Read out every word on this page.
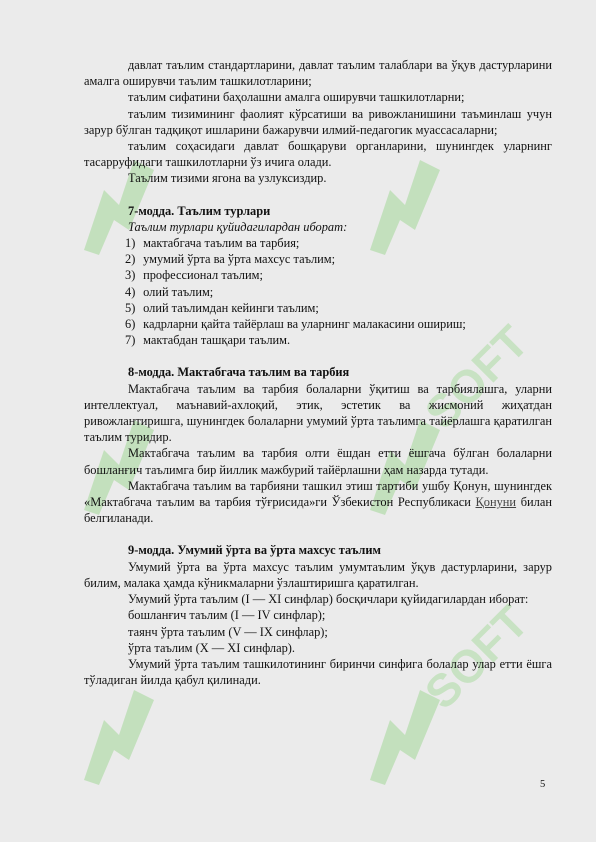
SOFT
SOFT

давлат таълим стандартларини, давлат таълим талаблари ва ўқув дастурларини амалга оширувчи таълим ташкилотларини;

таълим сифатини баҳолашни амалга оширувчи ташкилотларни;

таълим тизимининг фаолият кўрсатиши ва ривожланишини таъминлаш учун зарур бўлган тадқиқот ишларини бажарувчи илмий-педагогик муассасаларни;

таълим соҳасидаги давлат бошқаруви органларини, шунингдек уларнинг тасарруфидаги ташкилотларни ўз ичига олади.

Таълим тизими ягона ва узлуксиздир.

7-модда. Таълим турлари

Таълим турлари қуйидагилардан иборат:

1) мактабгача таълим ва тарбия;
2) умумий ўрта ва ўрта махсус таълим;
3) профессионал таълим;
4) олий таълим;
5) олий таълимдан кейинги таълим;
6) кадрларни қайта тайёрлаш ва уларнинг малакасини ошириш;
7) мактабдан ташқари таълим.

8-модда. Мактабгача таълим ва тарбия

Мактабгача таълим ва тарбия болаларни ўқитиш ва тарбиялашга, уларни интеллектуал, маънавий-ахлоқий, этик, эстетик ва жисмоний жиҳатдан ривожлантиришга, шунингдек болаларни умумий ўрта таълимга тайёрлашга қаратилган таълим туридир.

Мактабгача таълим ва тарбия олти ёшдан етти ёшгача бўлган болаларни бошланғич таълимга бир йиллик мажбурий тайёрлашни ҳам назарда тутади.

Мактабгача таълим ва тарбияни ташкил этиш тартиби ушбу Қонун, шунингдек «Мактабгача таълим ва тарбия тўғрисида»ги Ўзбекистон Республикаси Қонуни билан белгиланади.

9-модда. Умумий ўрта ва ўрта махсус таълим

Умумий ўрта ва ўрта махсус таълим умумтаълим ўқув дастурларини, зарур билим, малака ҳамда кўникмаларни ўзлаштиришга қаратилган.

Умумий ўрта таълим (I — XI синфлар) босқичлари қуйидагилардан иборат:

бошланғич таълим (I — IV синфлар);

таянч ўрта таълим (V — IX синфлар);

ўрта таълим (X — XI синфлар).

Умумий ўрта таълим ташкилотининг биринчи синфига болалар улар етти ёшга тўладиган йилда қабул қилинади.

5
